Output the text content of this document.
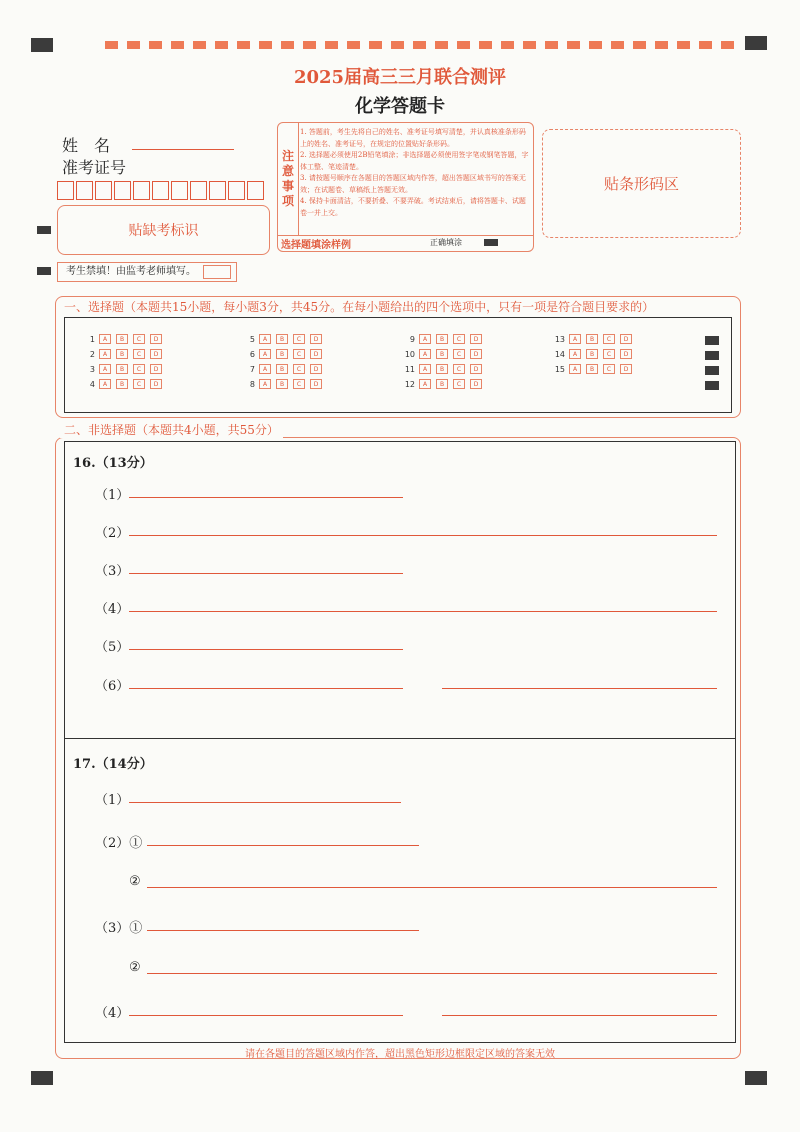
2025届高三三月联合测评
化学答题卡
姓　名
准考证号
贴缺考标识
考生禁填！由监考老师填写。
注
意
事
项
1. 答题前，考生先将自己的姓名、准考证号填写清楚，并认真核准条形码上的姓名、准考证号，在规定的位置贴好条形码。
2. 选择题必须使用2B铅笔填涂；非选择题必须使用签字笔或钢笔答题，字体工整、笔迹清楚。
3. 请按题号顺序在各题目的答题区域内作答，超出答题区域书写的答案无效；在试题卷、草稿纸上答题无效。
4. 保持卡面清洁，不要折叠、不要弄破。考试结束后，请将答题卡、试题卷一并上交。
选择题填涂样例	正确填涂
贴条形码区
一、选择题（本题共15小题，每小题3分，共45分。在每小题给出的四个选项中，只有一项是符合题目要求的）
1	A	B	C	D
2	A	B	C	D
3	A	B	C	D
4	A	B	C	D
5	A	B	C	D
6	A	B	C	D
7	A	B	C	D
8	A	B	C	D
9	A	B	C	D
10	A	B	C	D
11	A	B	C	D
12	A	B	C	D
13	A	B	C	D
14	A	B	C	D
15	A	B	C	D
二、非选择题（本题共4小题，共55分）
16.（13分）
（1）
（2）
（3）
（4）
（5）
（6）
17.（14分）
（1）
（2）①
②
（3）①
②
（4）
请在各题目的答题区域内作答，超出黑色矩形边框限定区域的答案无效
